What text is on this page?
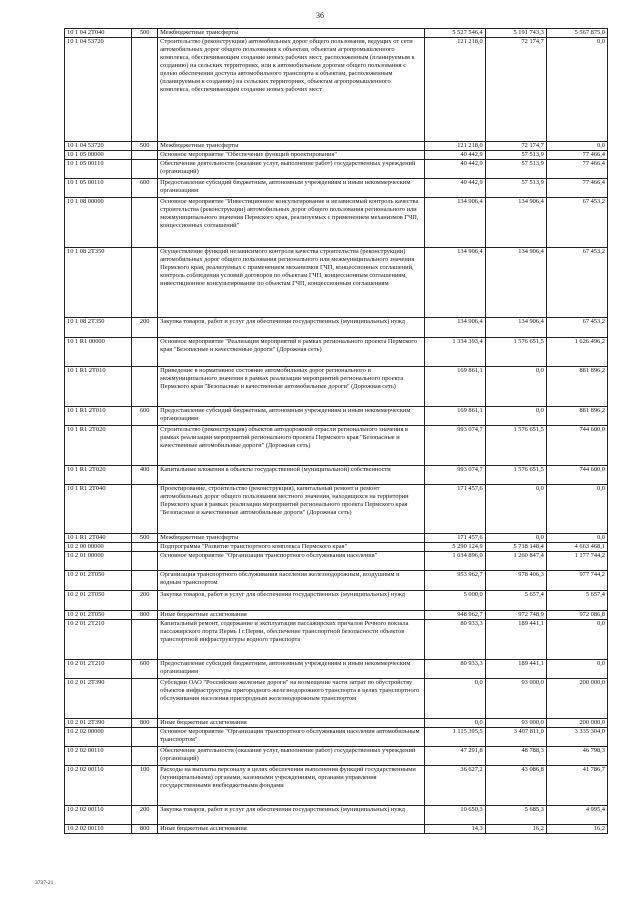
36
10 1 04 2T040	500	Межбюджетные трансферты	5 527 546,4	5 191 743,3	5 567 875,0
10 1 04 53720		Строительство (реконструкция) автомобильных дорог общего пользования, ведущих от сети автомобильных дорог общего пользования к объектам, объектам агропромышленного комплекса, обеспечивающим создание новых рабочих мест, расположенным (планируемым к созданию) на сельских территориях, или к автомобильным дорогам общего пользования с целью обеспечения доступа автомобильного транспорта к объектам, расположенным (планируемым к созданию) на сельских территориях, объектам агропромышленного комплекса, обеспечивающим создание новых рабочих мест	121 218,0	72 174,7	0,0
10 1 04 53720	500	Межбюджетные трансферты	121 218,0	72 174,7	0,0
10 1 05 00000		Основное мероприятие "Обеспечение функций проектирования"	40 442,9	57 513,9	77 466,4
10 1 05 00110		Обеспечение деятельности (оказание услуг, выполнение работ) государственных учреждений (организаций)	40 442,9	57 513,9	77 466,4
10 1 05 00110	600	Предоставление субсидий бюджетным, автономным учреждениям и иным некоммерческим организациям	40 442,9	57 513,9	77 466,4
10 1 08 00000		Основное мероприятие "Инвестиционное консультирование и независимый контроль качества строительства (реконструкции) автомобильных дорог общего пользования регионального или межмуниципального значения Пермского края, реализуемых с применением механизмов ГЧП, концессионных соглашений"	134 906,4	134 906,4	67 453,2
10 1 08 2T350		Осуществление функций независимого контроля качества строительства (реконструкции) автомобильных дорог общего пользования регионального или межмуниципального значения Пермского края, реализуемых с применением механизмов ГЧП, концессионных соглашений, контроль соблюдения условий договоров по объектам ГЧП, концессионным соглашениям, инвестиционное консультирование по объектам ГЧП, концессионным соглашениям	134 906,4	134 906,4	67 453,2
10 1 08 2T350	200	Закупка товаров, работ и услуг для обеспечения государственных (муниципальных) нужд	134 906,4	134 906,4	67 453,2
10 1 R1 00000		Основное мероприятие "Реализация мероприятий в рамках регионального проекта Пермского края "Безопасные и качественные дороги" (Дорожная сеть)	1 334 393,4	1 576 651,5	1 626 496,2
10 1 R1 2T010		Приведение в нормативное состояние автомобильных дорог регионального и межмуниципального значения в рамках реализации мероприятий регионального проекта Пермского края "Безопасные и качественные автомобильные дороги" (Дорожная сеть)	169 861,1	0,0	881 896,2
10 1 R1 2T010	600	Предоставление субсидий бюджетным, автономным учреждениям и иным некоммерческим организациям	169 861,1	0,0	881 896,2
10 1 R1 2T020		Строительство (реконструкция) объектов автодорожной отрасли регионального значения в рамках реализации мероприятий регионального проекта Пермского края "Безопасные и качественные автомобильные дороги" (Дорожная сеть)	993 074,7	1 576 651,5	744 600,0
10 1 R1 2T020	400	Капитальные вложения в объекты государственной (муниципальной) собственности	993 074,7	1 576 651,5	744 600,0
10 1 R1 2T040		Проектирование, строительство (реконструкция), капитальный ремонт и ремонт автомобильных дорог общего пользования местного значения, находящихся на территории Пермского края в рамках реализации мероприятий регионального проекта Пермского края "Безопасные и качественные автомобильные дороги" (Дорожная сеть)	171 457,6	0,0	0,0
10 1 R1 2T040	500	Межбюджетные трансферты	171 457,6	0,0	0,0
10 2 00 00000		Подпрограмма "Развитие транспортного комплекса Пермского края"	5 290 124,9	5 718 148,4	4 663 468,1
10 2 01 00000		Основное мероприятие "Организация транспортного обслуживания населения"	1 034 896,0	1 260 847,4	1 177 744,2
10 2 01 2T050		Организация транспортного обслуживания населения железнодорожным, воздушным и водным транспортом	953 962,7	978 406,3	977 744,2
10 2 01 2T050	200	Закупка товаров, работ и услуг для обеспечения государственных (муниципальных) нужд	5 000,0	5 657,4	5 657,4
10 2 01 2T050	800	Иные бюджетные ассигнования	948 962,7	972 748,9	972 086,8
10 2 01 2T210		Капитальный ремонт, содержание и эксплуатация пассажирских причалов Речного вокзала пассажирского порта Пермь I г.Перми, обеспечение транспортной безопасности объектов транспортной инфраструктуры водного транспорта	80 933,3	189 441,1	0,0
10 2 01 2T210	600	Предоставление субсидий бюджетным, автономным учреждениям и иным некоммерческим организациям	80 933,3	189 441,1	0,0
10 2 01 2T390		Субсидии ОАО "Российские железные дороги" на возмещение части затрат по обустройству объектов инфраструктуры пригородного железнодорожного транспорта в целях транспортного обслуживания населения пригородным железнодорожным транспортом	0,0	93 000,0	200 000,0
10 2 01 2T390	800	Иные бюджетные ассигнования	0,0	93 000,0	200 000,0
10 2 02 00000		Основное мероприятие "Организация транспортного обслуживания населения автомобильным транспортом"	1 115 395,5	3 407 811,0	3 335 304,0
10 2 02 00110		Обеспечение деятельности (оказание услуг, выполнение работ) государственных учреждений (организаций)	47 291,8	48 788,3	46 798,3
10 2 02 00110	100	Расходы на выплаты персоналу в целях обеспечения выполнения функций государственными (муниципальными) органами, казенными учреждениями, органами управления государственными внебюджетными фондами	36 627,2	43 086,8	41 786,7
10 2 02 00110	200	Закупка товаров, работ и услуг для обеспечения государственных (муниципальных) нужд	10 650,3	5 685,3	4 995,4
10 2 02 00110	800	Иные бюджетные ассигнования	14,3	16,2	16,2
3737-21
